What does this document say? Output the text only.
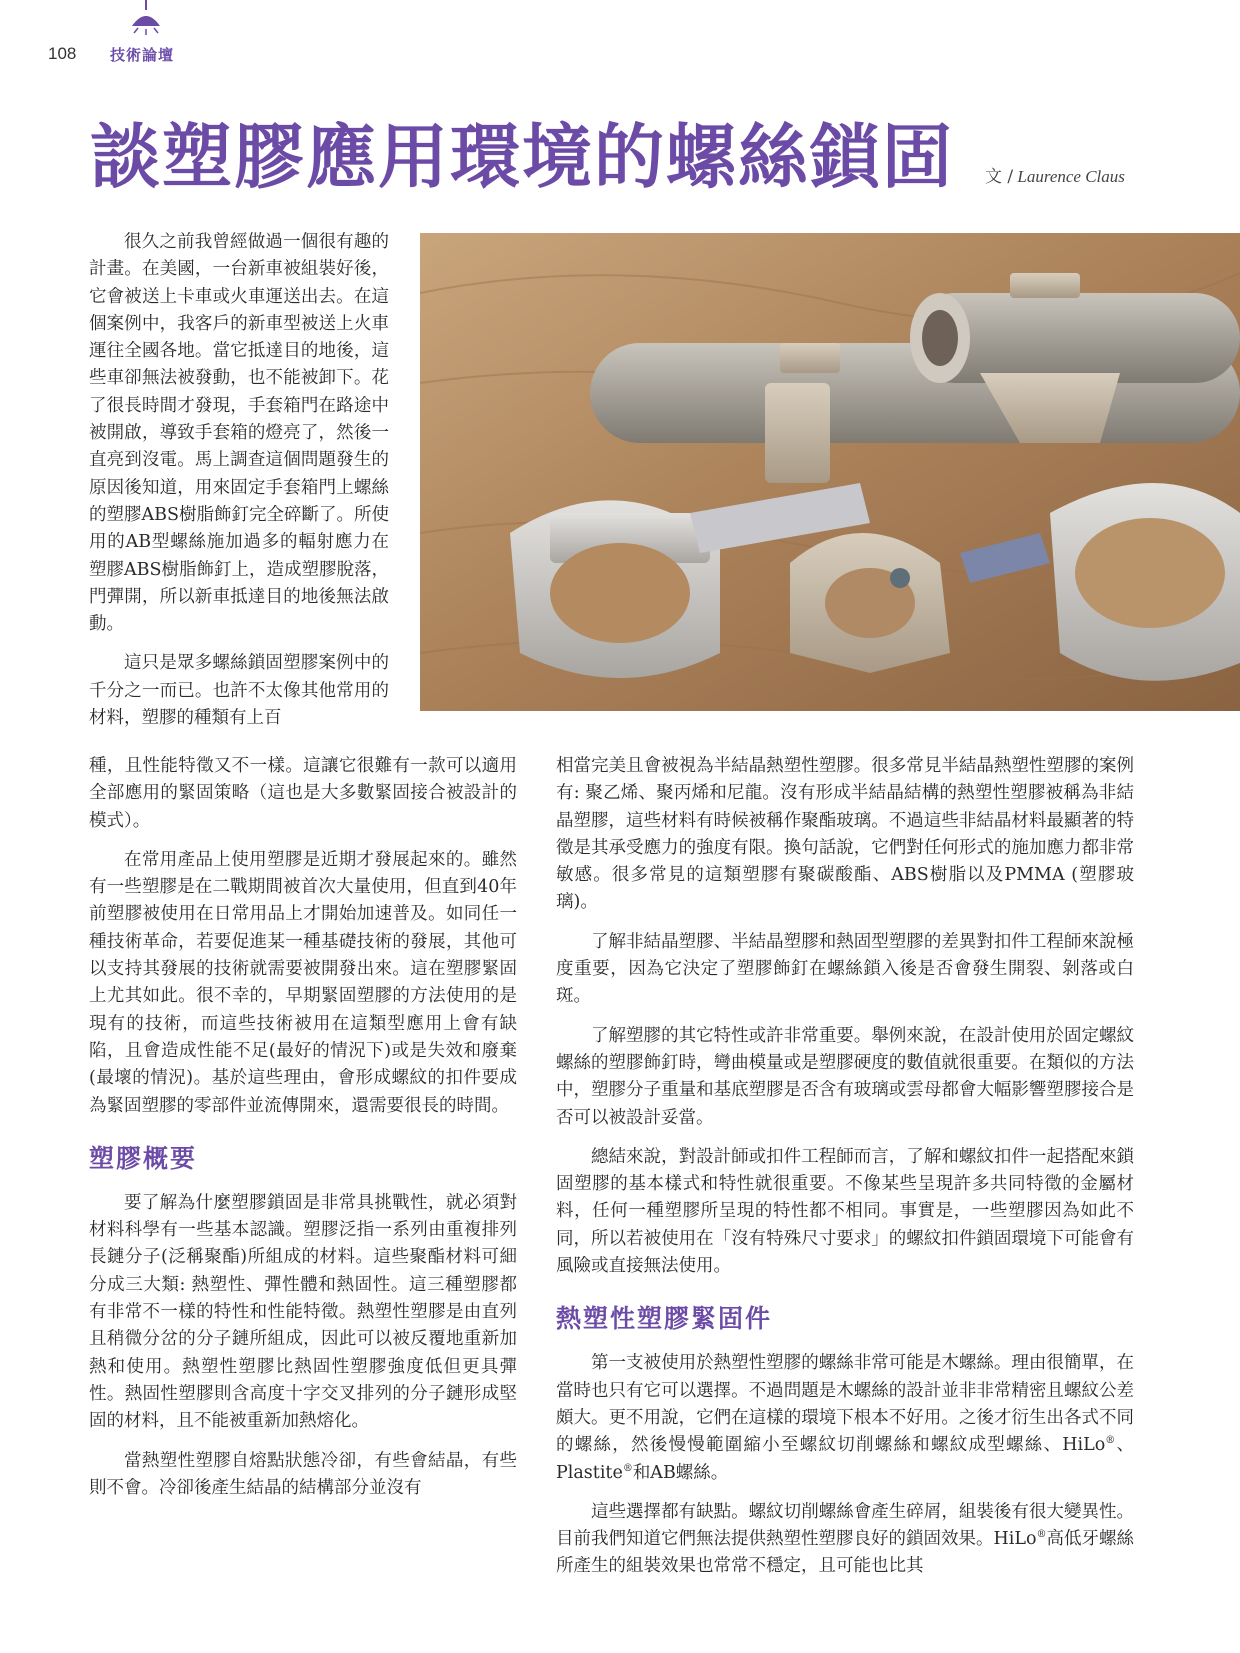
108 技術論壇
談塑膠應用環境的螺絲鎖固 文 / Laurence Claus

很久之前我曾經做過一個很有趣的計畫。在美國，一台新車被組裝好後，它會被送上卡車或火車運送出去。在這個案例中，我客戶的新車型被送上火車運往全國各地。當它抵達目的地後，這些車卻無法被發動，也不能被卸下。花了很長時間才發現，手套箱門在路途中被開啟，導致手套箱的燈亮了，然後一直亮到沒電。馬上調查這個問題發生的原因後知道，用來固定手套箱門上螺絲的塑膠ABS樹脂飾釘完全碎斷了。所使用的AB型螺絲施加過多的輻射應力在塑膠ABS樹脂飾釘上，造成塑膠脫落，門彈開，所以新車抵達目的地後無法啟動。

這只是眾多螺絲鎖固塑膠案例中的千分之一而已。也許不太像其他常用的材料，塑膠的種類有上百

種，且性能特徵又不一樣。這讓它很難有一款可以適用全部應用的緊固策略（這也是大多數緊固接合被設計的模式）。

在常用產品上使用塑膠是近期才發展起來的。雖然有一些塑膠是在二戰期間被首次大量使用，但直到40年前塑膠被使用在日常用品上才開始加速普及。如同任一種技術革命，若要促進某一種基礎技術的發展，其他可以支持其發展的技術就需要被開發出來。這在塑膠緊固上尤其如此。很不幸的，早期緊固塑膠的方法使用的是現有的技術，而這些技術被用在這類型應用上會有缺陷，且會造成性能不足(最好的情況下)或是失效和廢棄(最壞的情況)。基於這些理由，會形成螺紋的扣件要成為緊固塑膠的零部件並流傳開來，還需要很長的時間。

塑膠概要

要了解為什麼塑膠鎖固是非常具挑戰性，就必須對材料科學有一些基本認識。塑膠泛指一系列由重複排列長鏈分子(泛稱聚酯)所組成的材料。這些聚酯材料可細分成三大類: 熱塑性、彈性體和熱固性。這三種塑膠都有非常不一樣的特性和性能特徵。熱塑性塑膠是由直列且稍微分岔的分子鏈所組成，因此可以被反覆地重新加熱和使用。熱塑性塑膠比熱固性塑膠強度低但更具彈性。熱固性塑膠則含高度十字交叉排列的分子鏈形成堅固的材料，且不能被重新加熱熔化。

當熱塑性塑膠自熔點狀態冷卻，有些會結晶，有些則不會。冷卻後產生結晶的結構部分並沒有

相當完美且會被視為半結晶熱塑性塑膠。很多常見半結晶熱塑性塑膠的案例有: 聚乙烯、聚丙烯和尼龍。沒有形成半結晶結構的熱塑性塑膠被稱為非結晶塑膠，這些材料有時候被稱作聚酯玻璃。不過這些非結晶材料最顯著的特徵是其承受應力的強度有限。換句話說，它們對任何形式的施加應力都非常敏感。很多常見的這類塑膠有聚碳酸酯、ABS樹脂以及PMMA (塑膠玻璃)。

了解非結晶塑膠、半結晶塑膠和熱固型塑膠的差異對扣件工程師來說極度重要，因為它決定了塑膠飾釘在螺絲鎖入後是否會發生開裂、剝落或白斑。

了解塑膠的其它特性或許非常重要。舉例來說，在設計使用於固定螺紋螺絲的塑膠飾釘時，彎曲模量或是塑膠硬度的數值就很重要。在類似的方法中，塑膠分子重量和基底塑膠是否含有玻璃或雲母都會大幅影響塑膠接合是否可以被設計妥當。

總結來說，對設計師或扣件工程師而言，了解和螺紋扣件一起搭配來鎖固塑膠的基本樣式和特性就很重要。不像某些呈現許多共同特徵的金屬材料，任何一種塑膠所呈現的特性都不相同。事實是，一些塑膠因為如此不同，所以若被使用在「沒有特殊尺寸要求」的螺紋扣件鎖固環境下可能會有風險或直接無法使用。

熱塑性塑膠緊固件

第一支被使用於熱塑性塑膠的螺絲非常可能是木螺絲。理由很簡單，在當時也只有它可以選擇。不過問題是木螺絲的設計並非非常精密且螺紋公差頗大。更不用說，它們在這樣的環境下根本不好用。之後才衍生出各式不同的螺絲，然後慢慢範圍縮小至螺紋切削螺絲和螺紋成型螺絲、HiLo®、Plastite®和AB螺絲。

這些選擇都有缺點。螺紋切削螺絲會產生碎屑，組裝後有很大變異性。目前我們知道它們無法提供熱塑性塑膠良好的鎖固效果。HiLo®高低牙螺絲所產生的組裝效果也常常不穩定，且可能也比其
